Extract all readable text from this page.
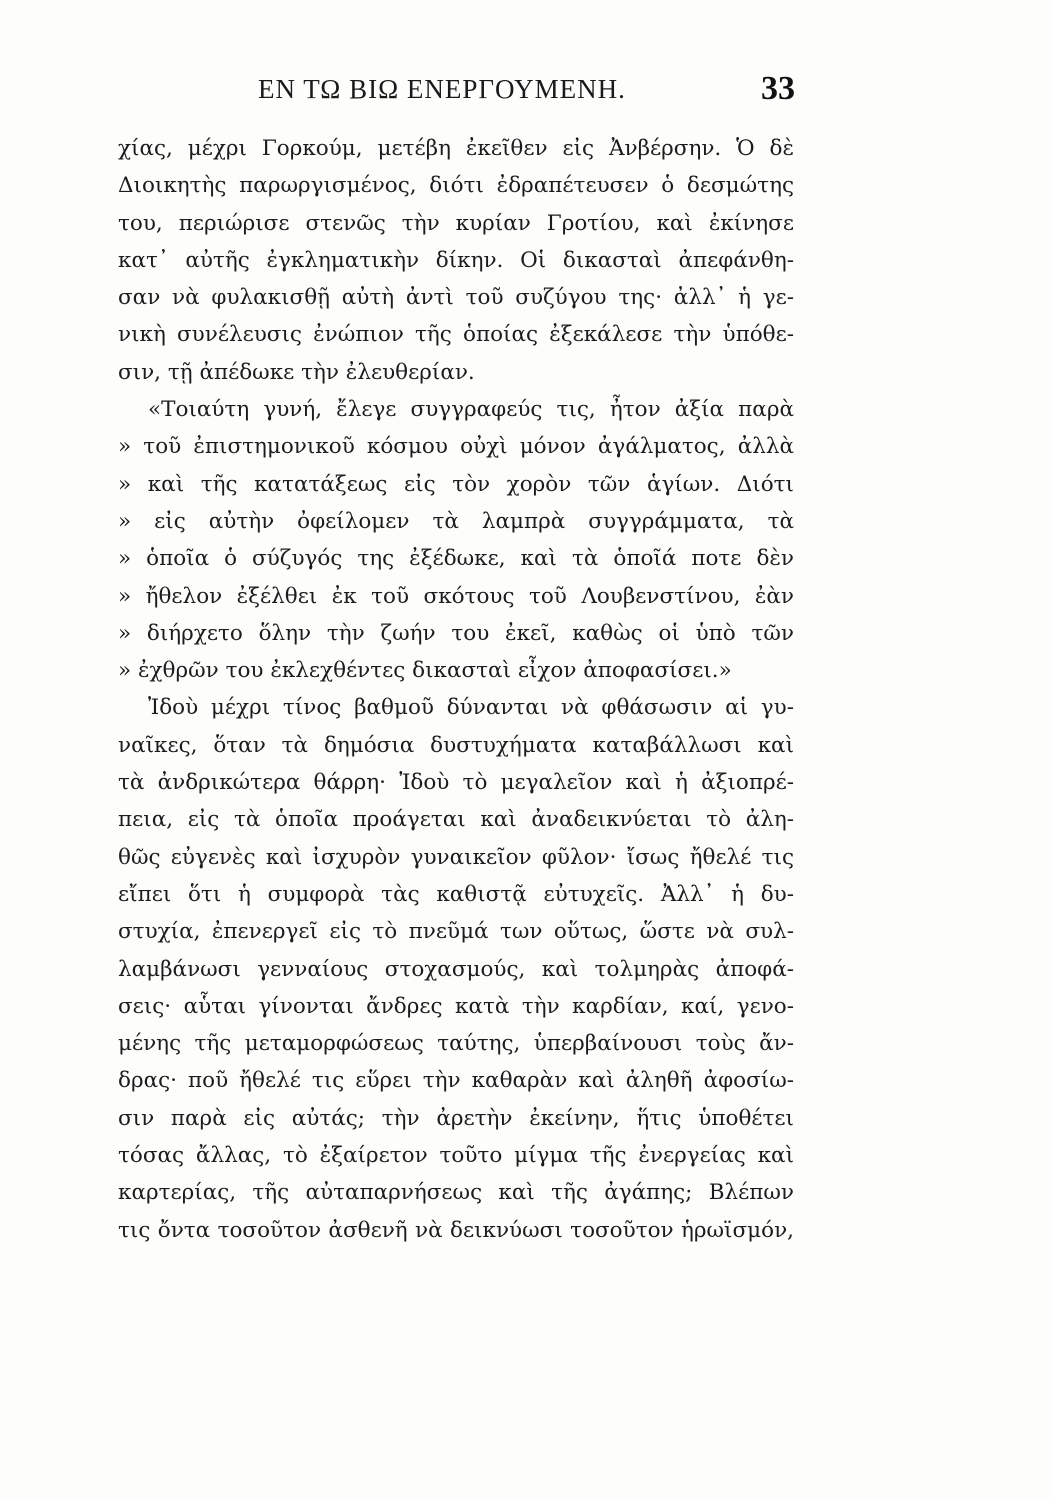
ΕΝ ΤΩ ΒΙΩ ΕΝΕΡΓΟΥΜΕΝΗ.	33
χίας, μέχρι Γορκούμ, μετέβη ἐκεῖθεν εἰς Ἀνβέρσην. Ὁ δὲ
Διοικητὴς παρωργισμένος, διότι ἐδραπέτευσεν ὁ δεσμώτης
του, περιώρισε στενῶς τὴν κυρίαν Γροτίου, καὶ ἐκίνησε
κατ᾽ αὐτῆς ἐγκληματικὴν δίκην. Οἱ δικασταὶ ἀπεφάνθη-
σαν νὰ φυλακισθῇ αὐτὴ ἀντὶ τοῦ συζύγου της· ἀλλ᾽ ἡ γε-
νικὴ συνέλευσις ἐνώπιον τῆς ὁποίας ἐξεκάλεσε τὴν ὑπόθε-
σιν, τῇ ἀπέδωκε τὴν ἐλευθερίαν.
«Τοιαύτη γυνή, ἔλεγε συγγραφεύς τις, ἦτον ἀξία παρὰ
» τοῦ ἐπιστημονικοῦ κόσμου οὐχὶ μόνον ἀγάλματος, ἀλλὰ
» καὶ τῆς κατατάξεως εἰς τὸν χορὸν τῶν ἁγίων. Διότι
» εἰς αὐτὴν ὀφείλομεν τὰ λαμπρὰ συγγράμματα, τὰ
» ὁποῖα ὁ σύζυγός της ἐξέδωκε, καὶ τὰ ὁποῖά ποτε δὲν
» ἤθελον ἐξέλθει ἐκ τοῦ σκότους τοῦ Λουβενστίνου, ἐὰν
» διήρχετο ὅλην τὴν ζωήν του ἐκεῖ, καθὼς οἱ ὑπὸ τῶν
» ἐχθρῶν του ἐκλεχθέντες δικασταὶ εἶχον ἀποφασίσει.»
Ἰδοὺ μέχρι τίνος βαθμοῦ δύνανται νὰ φθάσωσιν αἱ γυ-
ναῖκες, ὅταν τὰ δημόσια δυστυχήματα καταβάλλωσι καὶ
τὰ ἀνδρικώτερα θάρρη· Ἰδοὺ τὸ μεγαλεῖον καὶ ἡ ἀξιοπρέ-
πεια, εἰς τὰ ὁποῖα προάγεται καὶ ἀναδεικνύεται τὸ ἀλη-
θῶς εὐγενὲς καὶ ἰσχυρὸν γυναικεῖον φῦλον· ἴσως ἤθελέ τις
εἴπει ὅτι ἡ συμφορὰ τὰς καθιστᾷ εὐτυχεῖς. Ἀλλ᾽ ἡ δυ-
στυχία, ἐπενεργεῖ εἰς τὸ πνεῦμά των οὕτως, ὥστε νὰ συλ-
λαμβάνωσι γενναίους στοχασμούς, καὶ τολμηρὰς ἀποφά-
σεις· αὗται γίνονται ἄνδρες κατὰ τὴν καρδίαν, καί, γενο-
μένης τῆς μεταμορφώσεως ταύτης, ὑπερβαίνουσι τοὺς ἄν-
δρας· ποῦ ἤθελέ τις εὕρει τὴν καθαρὰν καὶ ἀληθῆ ἀφοσίω-
σιν παρὰ εἰς αὐτάς; τὴν ἀρετὴν ἐκείνην, ἥτις ὑποθέτει
τόσας ἄλλας, τὸ ἐξαίρετον τοῦτο μίγμα τῆς ἐνεργείας καὶ
καρτερίας, τῆς αὐταπαρνήσεως καὶ τῆς ἀγάπης; Βλέπων
τις ὄντα τοσοῦτον ἀσθενῆ νὰ δεικνύωσι τοσοῦτον ἡρωϊσμόν,
